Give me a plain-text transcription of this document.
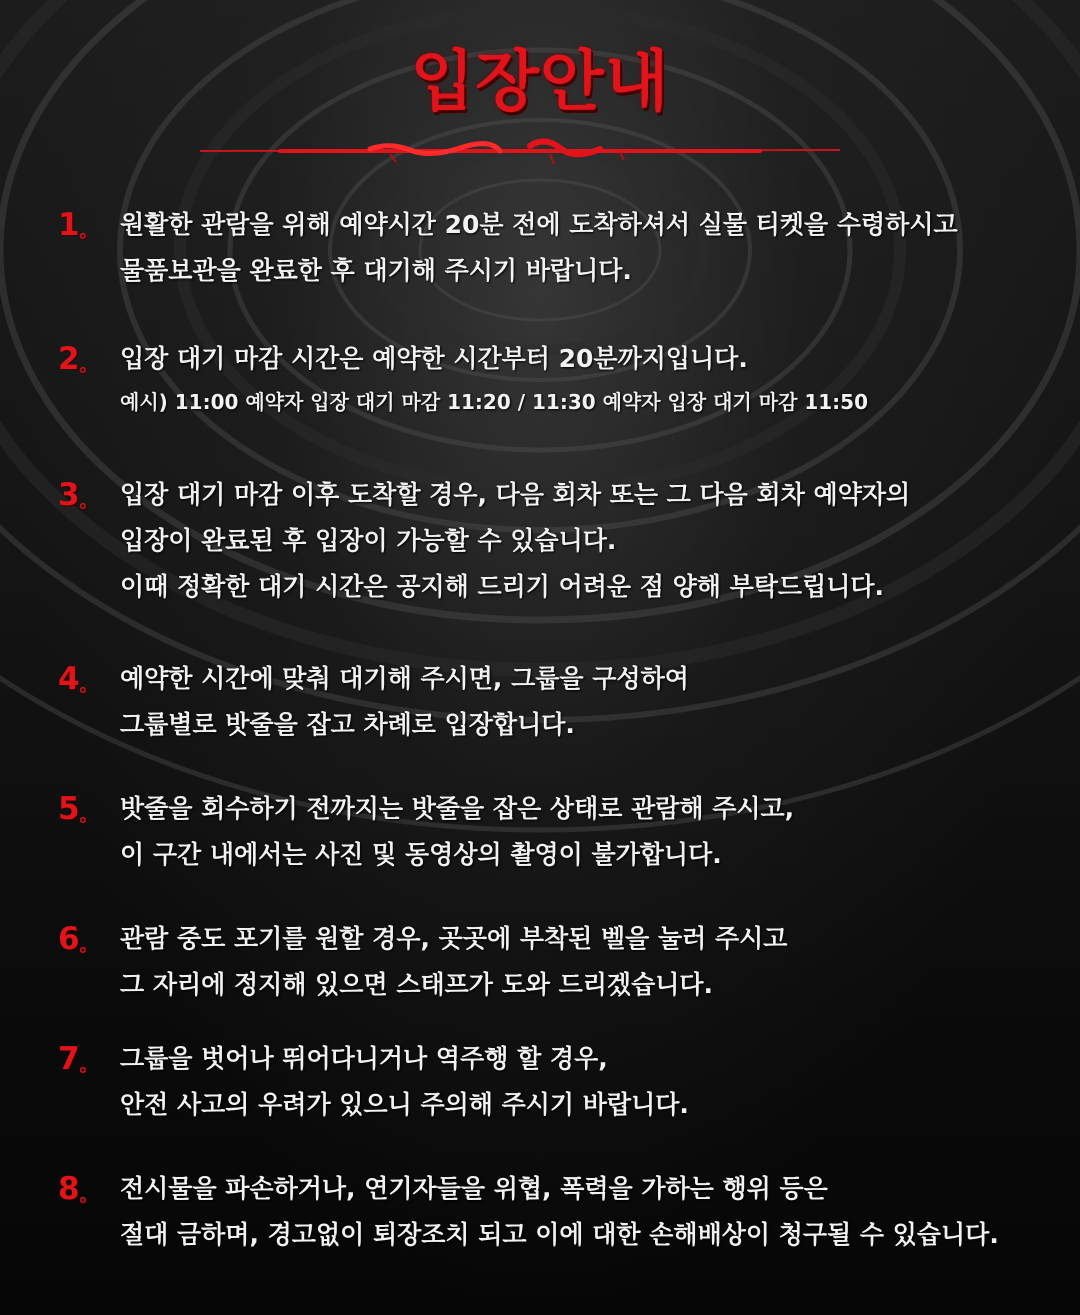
입장안내
1。 원활한 관람을 위해 예약시간 20분 전에 도착하셔서 실물 티켓을 수령하시고
물품보관을 완료한 후 대기해 주시기 바랍니다.
2。 입장 대기 마감 시간은 예약한 시간부터 20분까지입니다.
예시) 11:00 예약자 입장 대기 마감 11:20 / 11:30 예약자 입장 대기 마감 11:50
3。 입장 대기 마감 이후 도착할 경우, 다음 회차 또는 그 다음 회차 예약자의
입장이 완료된 후 입장이 가능할 수 있습니다.
이때 정확한 대기 시간은 공지해 드리기 어려운 점 양해 부탁드립니다.
4。 예약한 시간에 맞춰 대기해 주시면, 그룹을 구성하여
그룹별로 밧줄을 잡고 차례로 입장합니다.
5。 밧줄을 회수하기 전까지는 밧줄을 잡은 상태로 관람해 주시고,
이 구간 내에서는 사진 및 동영상의 촬영이 불가합니다.
6。 관람 중도 포기를 원할 경우, 곳곳에 부착된 벨을 눌러 주시고
그 자리에 정지해 있으면 스태프가 도와 드리겠습니다.
7。 그룹을 벗어나 뛰어다니거나 역주행 할 경우,
안전 사고의 우려가 있으니 주의해 주시기 바랍니다.
8。 전시물을 파손하거나, 연기자들을 위협, 폭력을 가하는 행위 등은
절대 금하며, 경고없이 퇴장조치 되고 이에 대한 손해배상이 청구될 수 있습니다.
